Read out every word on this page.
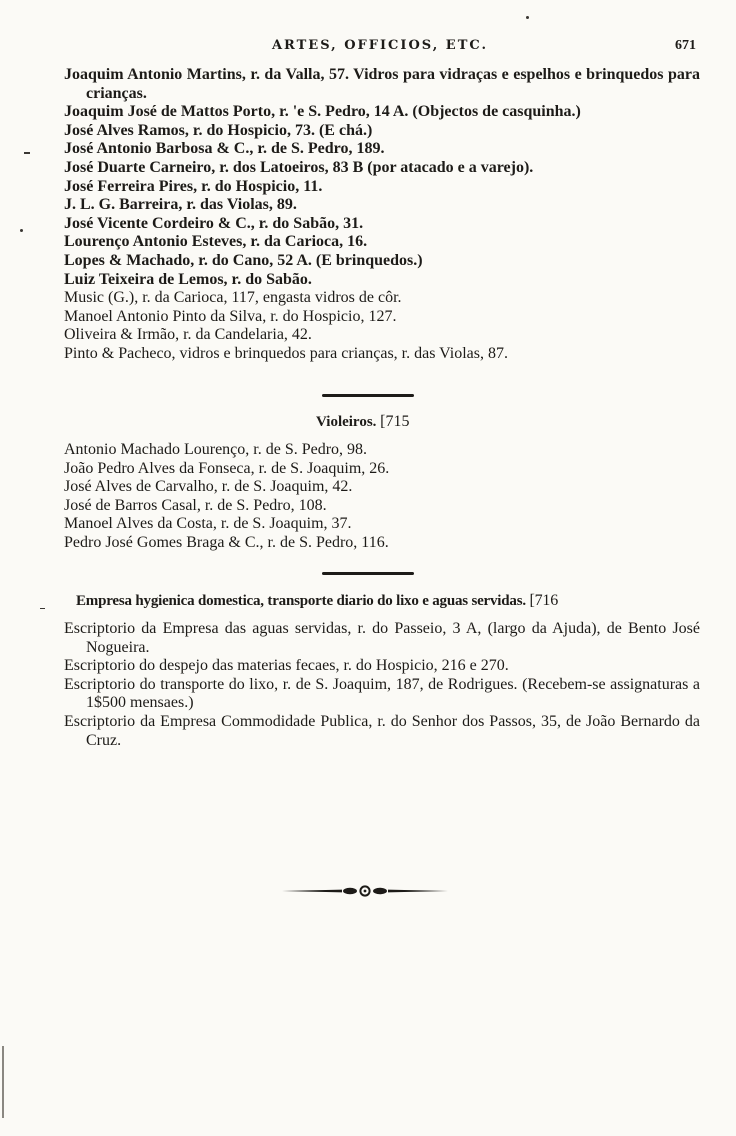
ARTES, OFFICIOS, ETC.	671
Joaquim Antonio Martins, r. da Valla, 57. Vidros para vidraças e espelhos e brinquedos para crianças.
Joaquim José de Mattos Porto, r. 'e S. Pedro, 14 A. (Objectos de casquinha.)
José Alves Ramos, r. do Hospicio, 73. (E chá.)
José Antonio Barbosa & C., r. de S. Pedro, 189.
José Duarte Carneiro, r. dos Latoeiros, 83 B (por atacado e a varejo).
José Ferreira Pires, r. do Hospicio, 11.
J. L. G. Barreira, r. das Violas, 89.
José Vicente Cordeiro & C., r. do Sabão, 31.
Lourenço Antonio Esteves, r. da Carioca, 16.
Lopes & Machado, r. do Cano, 52 A. (E brinquedos.)
Luiz Teixeira de Lemos, r. do Sabão.
Music (G.), r. da Carioca, 117, engasta vidros de côr.
Manoel Antonio Pinto da Silva, r. do Hospicio, 127.
Oliveira & Irmão, r. da Candelaria, 42.
Pinto & Pacheco, vidros e brinquedos para crianças, r. das Violas, 87.
Violeiros. [715
Antonio Machado Lourenço, r. de S. Pedro, 98.
João Pedro Alves da Fonseca, r. de S. Joaquim, 26.
José Alves de Carvalho, r. de S. Joaquim, 42.
José de Barros Casal, r. de S. Pedro, 108.
Manoel Alves da Costa, r. de S. Joaquim, 37.
Pedro José Gomes Braga & C., r. de S. Pedro, 116.
Empresa hygienica domestica, transporte diario do lixo e aguas servidas. [716
Escriptorio da Empresa das aguas servidas, r. do Passeio, 3 A, (largo da Ajuda), de Bento José Nogueira.
Escriptorio do despejo das materias fecaes, r. do Hospicio, 216 e 270.
Escriptorio do transporte do lixo, r. de S. Joaquim, 187, de Rodrigues. (Recebem-se assignaturas a 1$500 mensaes.)
Escriptorio da Empresa Commodidade Publica, r. do Senhor dos Passos, 35, de João Bernardo da Cruz.
